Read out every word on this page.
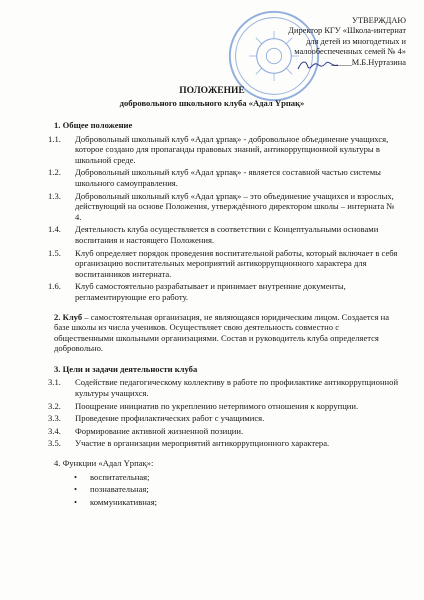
УТВЕРЖДАЮ
Директор КГУ «Школа-интернат
для детей из многодетных и
малообеспеченных семей № 4»
_____М.Б.Нуртазина
ПОЛОЖЕНИЕ
добровольного школьного клуба «Адал Үрпақ»
1. Общее положение
1.1.	Добровольный школьный клуб «Адал ұрпақ» - добровольное объединение учащихся, которое создано для пропаганды правовых знаний, антикоррупционной культуры в школьной среде.
1.2.	Добровольный школьный клуб «Адал ұрпақ» - является составной частью системы школьного самоуправления.
1.3.	Добровольный школьный клуб «Адал ұрпақ» – это объединение учащихся и взрослых, действующий на основе Положения, утверждённого директором школы – интерната № 4.
1.4.	Деятельность клуба осуществляется в соответствии с Концептуальными основами воспитания и настоящего Положения.
1.5.	Клуб определяет порядок проведения воспитательной работы, который включает в себя организацию воспитательных мероприятий антикоррупционного характера для воспитанников интерната.
1.6.	Клуб самостоятельно разрабатывает и принимает внутренние документы, регламентирующие его работу.
2. Клуб – самостоятельная организация, не являющаяся юридическим лицом. Создается на базе школы из числа учеников. Осуществляет свою деятельность совместно с общественными школьными организациями. Состав и руководитель клуба определяется добровольно.
3. Цели и задачи деятельности клуба
3.1.	Содействие педагогическому коллективу в работе по профилактике антикоррупционной культуры учащихся.
3.2.	Поощрение инициатив по укреплению нетерпимого отношения к коррупции.
3.3.	Проведение профилактических работ с учащимися.
3.4.	Формирование активной жизненной позиции.
3.5.	Участие в организации мероприятий антикоррупционного характера.
4. Функции «Адал Үрпақ»:
•	воспитательная;
•	познавательная;
•	коммуникативная;
